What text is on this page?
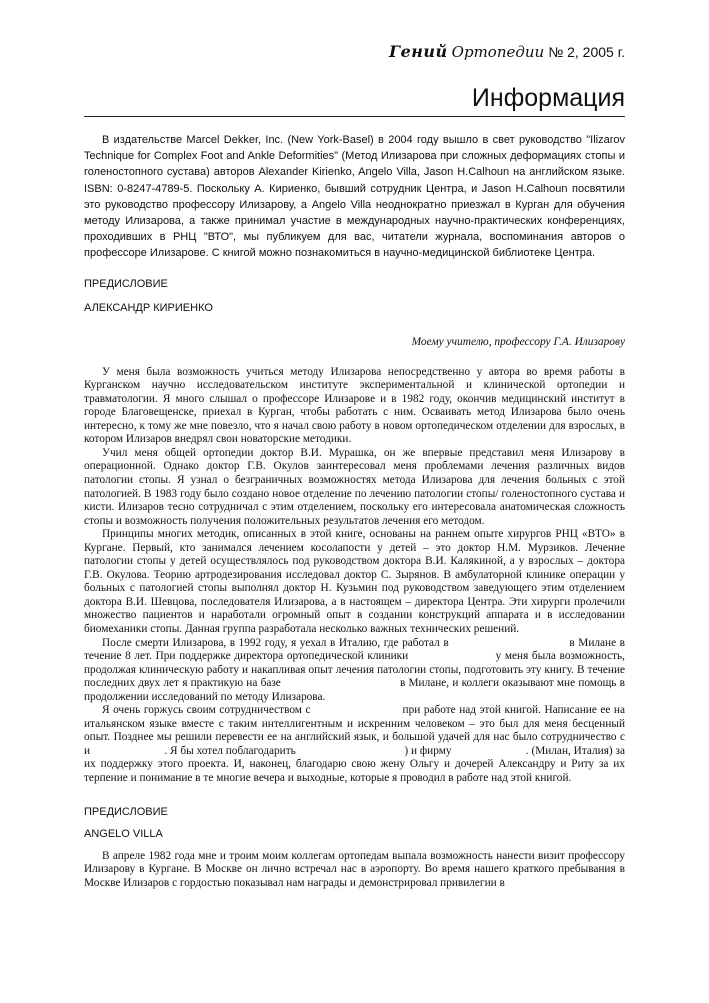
Гений Ортопедии № 2, 2005 г.
Информация

В издательстве Marcel Dekker, Inc. (New York-Basel) в 2004 году вышло в свет руководство "Ilizarov Technique for Complex Foot and Ankle Deformities" (Метод Илизарова при сложных деформациях стопы и голеностопного сустава) авторов Alexander Kirienko, Angelo Villa, Jason H.Calhoun на английском языке. ISBN: 0-8247-4789-5. Поскольку А. Кириенко, бывший сотрудник Центра, и Jason H.Calhoun посвятили это руководство профессору Илизарову, а Angelo Villa неоднократно приезжал в Курган для обучения методу Илизарова, а также принимал участие в международных научно-практических конференциях, проходивших в РНЦ "ВТО", мы публикуем для вас, читатели журнала, воспоминания авторов о профессоре Илизарове. С книгой можно познакомиться в научно-медицинской библиотеке Центра.

ПРЕДИСЛОВИЕ

АЛЕКСАНДР КИРИЕНКО

Моему учителю, профессору Г.А. Илизарову

У меня была возможность учиться методу Илизарова непосредственно у автора во время работы в Курганском научно исследовательском институте экспериментальной и клинической ортопедии и травматологии. Я много слышал о профессоре Илизарове и в 1982 году, окончив медицинский институт в городе Благовещенске, приехал в Курган, чтобы работать с ним. Осваивать метод Илизарова было очень интересно, к тому же мне повезло, что я начал свою работу в новом ортопедическом отделении для взрослых, в котором Илизаров внедрял свои новаторские методики.

Учил меня общей ортопедии доктор В.И. Мурашка, он же впервые представил меня Илизарову в операционной. Однако доктор Г.В. Окулов заинтересовал меня проблемами лечения различных видов патологии стопы. Я узнал о безграничных возможностях метода Илизарова для лечения больных с этой патологией. В 1983 году было создано новое отделение по лечению патологии стопы/ голеностопного сустава и кисти. Илизаров тесно сотрудничал с этим отделением, поскольку его интересовала анатомическая сложность стопы и возможность получения положительных результатов лечения его методом.

Принципы многих методик, описанных в этой книге, основаны на раннем опыте хирургов РНЦ «ВТО» в Кургане. Первый, кто занимался лечением косолапости у детей – это доктор Н.М. Мурзиков. Лечение патологии стопы у детей осуществлялось под руководством доктора В.И. Калякиной, а у взрослых – доктора Г.В. Окулова. Теорию артродезирования исследовал доктор С. Зырянов. В амбулаторной клинике операции у больных с патологией стопы выполнял доктор Н. Кузьмин под руководством заведующего этим отделением доктора В.И. Шевцова, последователя Илизарова, а в настоящем – директора Центра. Эти хирурги пролечили множество пациентов и наработали огромный опыт в создании конструкций аппарата и в исследовании биомеханики стопы. Данная группа разработала несколько важных технических решений.

После смерти Илизарова, в 1992 году, я уехал в Италию, где работал в                                  в Милане в течение 8 лет. При поддержке директора ортопедической клиники                        у меня была возможность, продолжая клиническую работу и накапливая опыт лечения патологии стопы, подготовить эту книгу. В течение последних двух лет я практикую на базе                                     в Милане, и коллеги оказывают мне помощь в продолжении исследований по методу Илизарова.

Я очень горжусь своим сотрудничеством с                          при работе над этой книгой. Написание ее на итальянском языке вместе с таким интеллигентным и искренним человеком – это был для меня бесценный опыт. Позднее мы решили перевести ее на английский язык, и большой удачей для нас было сотрудничество с                          и                          . Я бы хотел поблагодарить                                      ) и фирму                          . (Милан, Италия) за их поддержку этого проекта. И, наконец, благодарю свою жену Ольгу и дочерей Александру и Риту за их терпение и понимание в те многие вечера и выходные, которые я проводил в работе над этой книгой.

ПРЕДИСЛОВИЕ

ANGELO VILLA

В апреле 1982 года мне и троим моим коллегам ортопедам выпала возможность нанести визит профессору Илизарову в Кургане. В Москве он лично встречал нас в аэропорту. Во время нашего краткого пребывания в Москве Илизаров с гордостью показывал нам награды и демонстрировал привилегии в
